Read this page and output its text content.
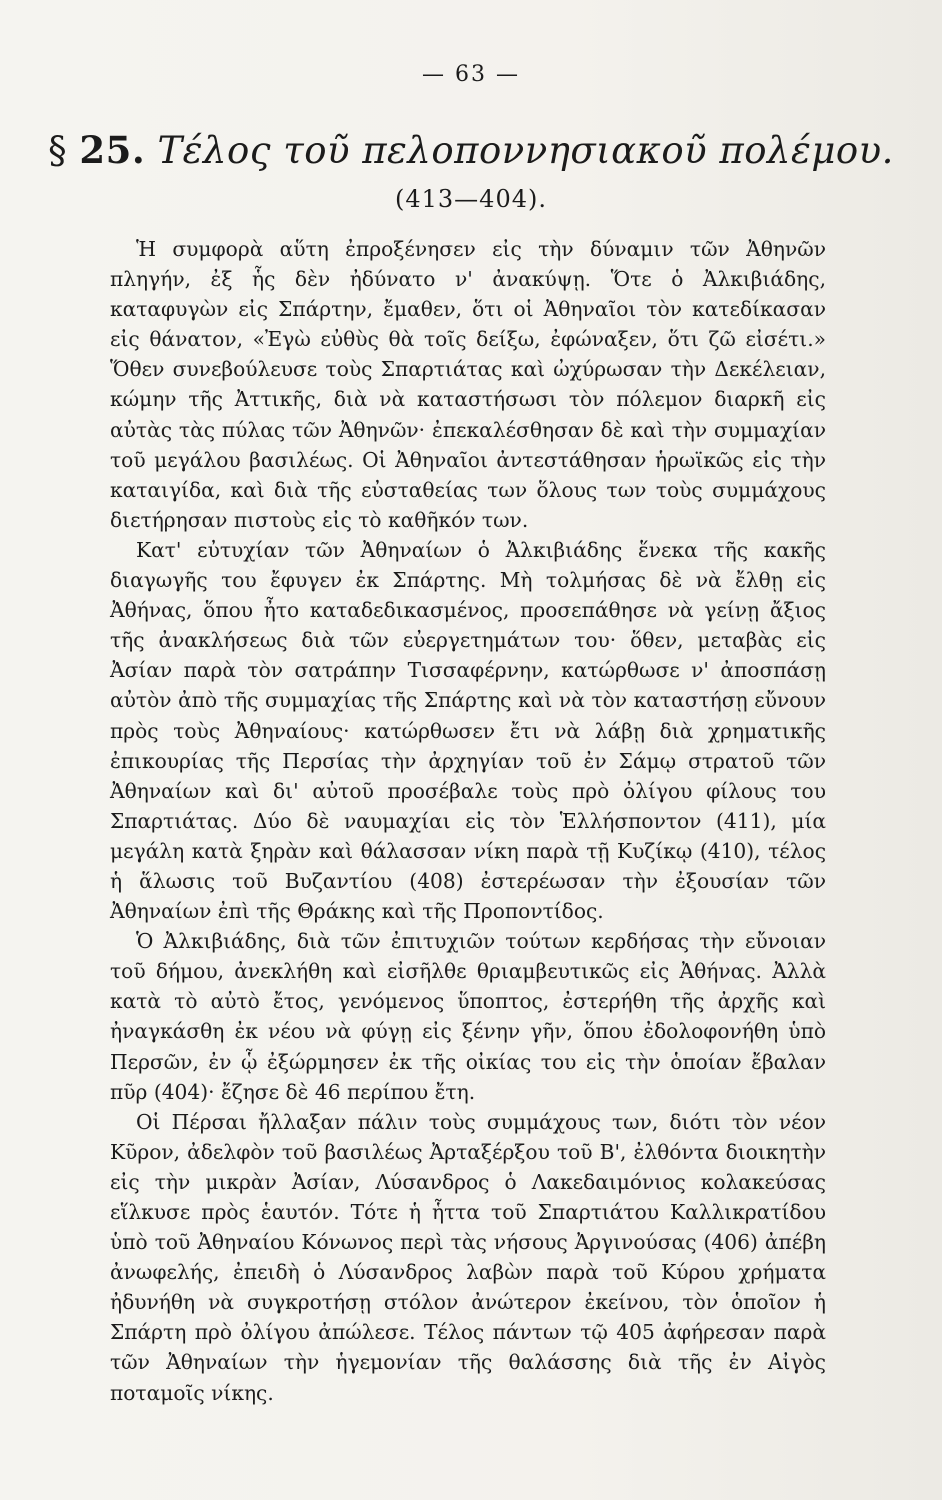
— 63 —
§ 25. Τέλος τοῦ πελοποννησιακοῦ πολέμου.
(413—404).

Ἡ συμφορὰ αὕτη ἐπροξένησεν εἰς τὴν δύναμιν τῶν Ἀθηνῶν πληγήν, ἐξ ἧς δὲν ἠδύνατο ν' ἀνακύψῃ. Ὅτε ὁ Ἀλκιβιάδης, καταφυγὼν εἰς Σπάρτην, ἔμαθεν, ὅτι οἱ Ἀθηναῖοι τὸν κατεδίκασαν εἰς θάνατον, «Ἐγὼ εὐθὺς θὰ τοῖς δείξω, ἐφώναξεν, ὅτι ζῶ εἰσέτι.» Ὅθεν συνεβούλευσε τοὺς Σπαρτιάτας καὶ ὠχύρωσαν τὴν Δεκέλειαν, κώμην τῆς Ἀττικῆς, διὰ νὰ καταστήσωσι τὸν πόλεμον διαρκῆ εἰς αὐτὰς τὰς πύλας τῶν Ἀθηνῶν· ἐπεκαλέσθησαν δὲ καὶ τὴν συμμαχίαν τοῦ μεγάλου βασιλέως. Οἱ Ἀθηναῖοι ἀντεστάθησαν ἡρωϊκῶς εἰς τὴν καταιγίδα, καὶ διὰ τῆς εὐσταθείας των ὅλους των τοὺς συμμάχους διετήρησαν πιστοὺς εἰς τὸ καθῆκόν των.

Κατ' εὐτυχίαν τῶν Ἀθηναίων ὁ Ἀλκιβιάδης ἕνεκα τῆς κακῆς διαγωγῆς του ἔφυγεν ἐκ Σπάρτης. Μὴ τολμήσας δὲ νὰ ἔλθῃ εἰς Ἀθήνας, ὅπου ἦτο καταδεδικασμένος, προσεπάθησε νὰ γείνῃ ἄξιος τῆς ἀνακλήσεως διὰ τῶν εὐεργετημάτων του· ὅθεν, μεταβὰς εἰς Ἀσίαν παρὰ τὸν σατράπην Τισσαφέρνην, κατώρθωσε ν' ἀποσπάσῃ αὐτὸν ἀπὸ τῆς συμμαχίας τῆς Σπάρτης καὶ νὰ τὸν καταστήσῃ εὔνουν πρὸς τοὺς Ἀθηναίους· κατώρθωσεν ἔτι νὰ λάβῃ διὰ χρηματικῆς ἐπικουρίας τῆς Περσίας τὴν ἀρχηγίαν τοῦ ἐν Σάμῳ στρατοῦ τῶν Ἀθηναίων καὶ δι' αὐτοῦ προσέβαλε τοὺς πρὸ ὀλίγου φίλους του Σπαρτιάτας. Δύο δὲ ναυμαχίαι εἰς τὸν Ἑλλήσποντον (411), μία μεγάλη κατὰ ξηρὰν καὶ θάλασσαν νίκη παρὰ τῇ Κυζίκῳ (410), τέλος ἡ ἅλωσις τοῦ Βυζαντίου (408) ἐστερέωσαν τὴν ἐξουσίαν τῶν Ἀθηναίων ἐπὶ τῆς Θράκης καὶ τῆς Προποντίδος.

Ὁ Ἀλκιβιάδης, διὰ τῶν ἐπιτυχιῶν τούτων κερδήσας τὴν εὔνοιαν τοῦ δήμου, ἀνεκλήθη καὶ εἰσῆλθε θριαμβευτικῶς εἰς Ἀθήνας. Ἀλλὰ κατὰ τὸ αὐτὸ ἔτος, γενόμενος ὕποπτος, ἐστερήθη τῆς ἀρχῆς καὶ ἠναγκάσθη ἐκ νέου νὰ φύγῃ εἰς ξένην γῆν, ὅπου ἐδολοφονήθη ὑπὸ Περσῶν, ἐν ᾧ ἐξώρμησεν ἐκ τῆς οἰκίας του εἰς τὴν ὁποίαν ἔβαλαν πῦρ (404)· ἔζησε δὲ 46 περίπου ἔτη.

Οἱ Πέρσαι ἤλλαξαν πάλιν τοὺς συμμάχους των, διότι τὸν νέον Κῦρον, ἀδελφὸν τοῦ βασιλέως Ἀρταξέρξου τοῦ Β', ἐλθόντα διοικητὴν εἰς τὴν μικρὰν Ἀσίαν, Λύσανδρος ὁ Λακεδαιμόνιος κολακεύσας εἵλκυσε πρὸς ἑαυτόν. Τότε ἡ ἧττα τοῦ Σπαρτιάτου Καλλικρατίδου ὑπὸ τοῦ Ἀθηναίου Κόνωνος περὶ τὰς νήσους Ἀργινούσας (406) ἀπέβη ἀνωφελής, ἐπειδὴ ὁ Λύσανδρος λαβὼν παρὰ τοῦ Κύρου χρήματα ἠδυνήθη νὰ συγκροτήσῃ στόλον ἀνώτερον ἐκείνου, τὸν ὁποῖον ἡ Σπάρτη πρὸ ὀλίγου ἀπώλεσε. Τέλος πάντων τῷ 405 ἀφήρεσαν παρὰ τῶν Ἀθηναίων τὴν ἡγεμονίαν τῆς θαλάσσης διὰ τῆς ἐν Αἰγὸς ποταμοῖς νίκης.
